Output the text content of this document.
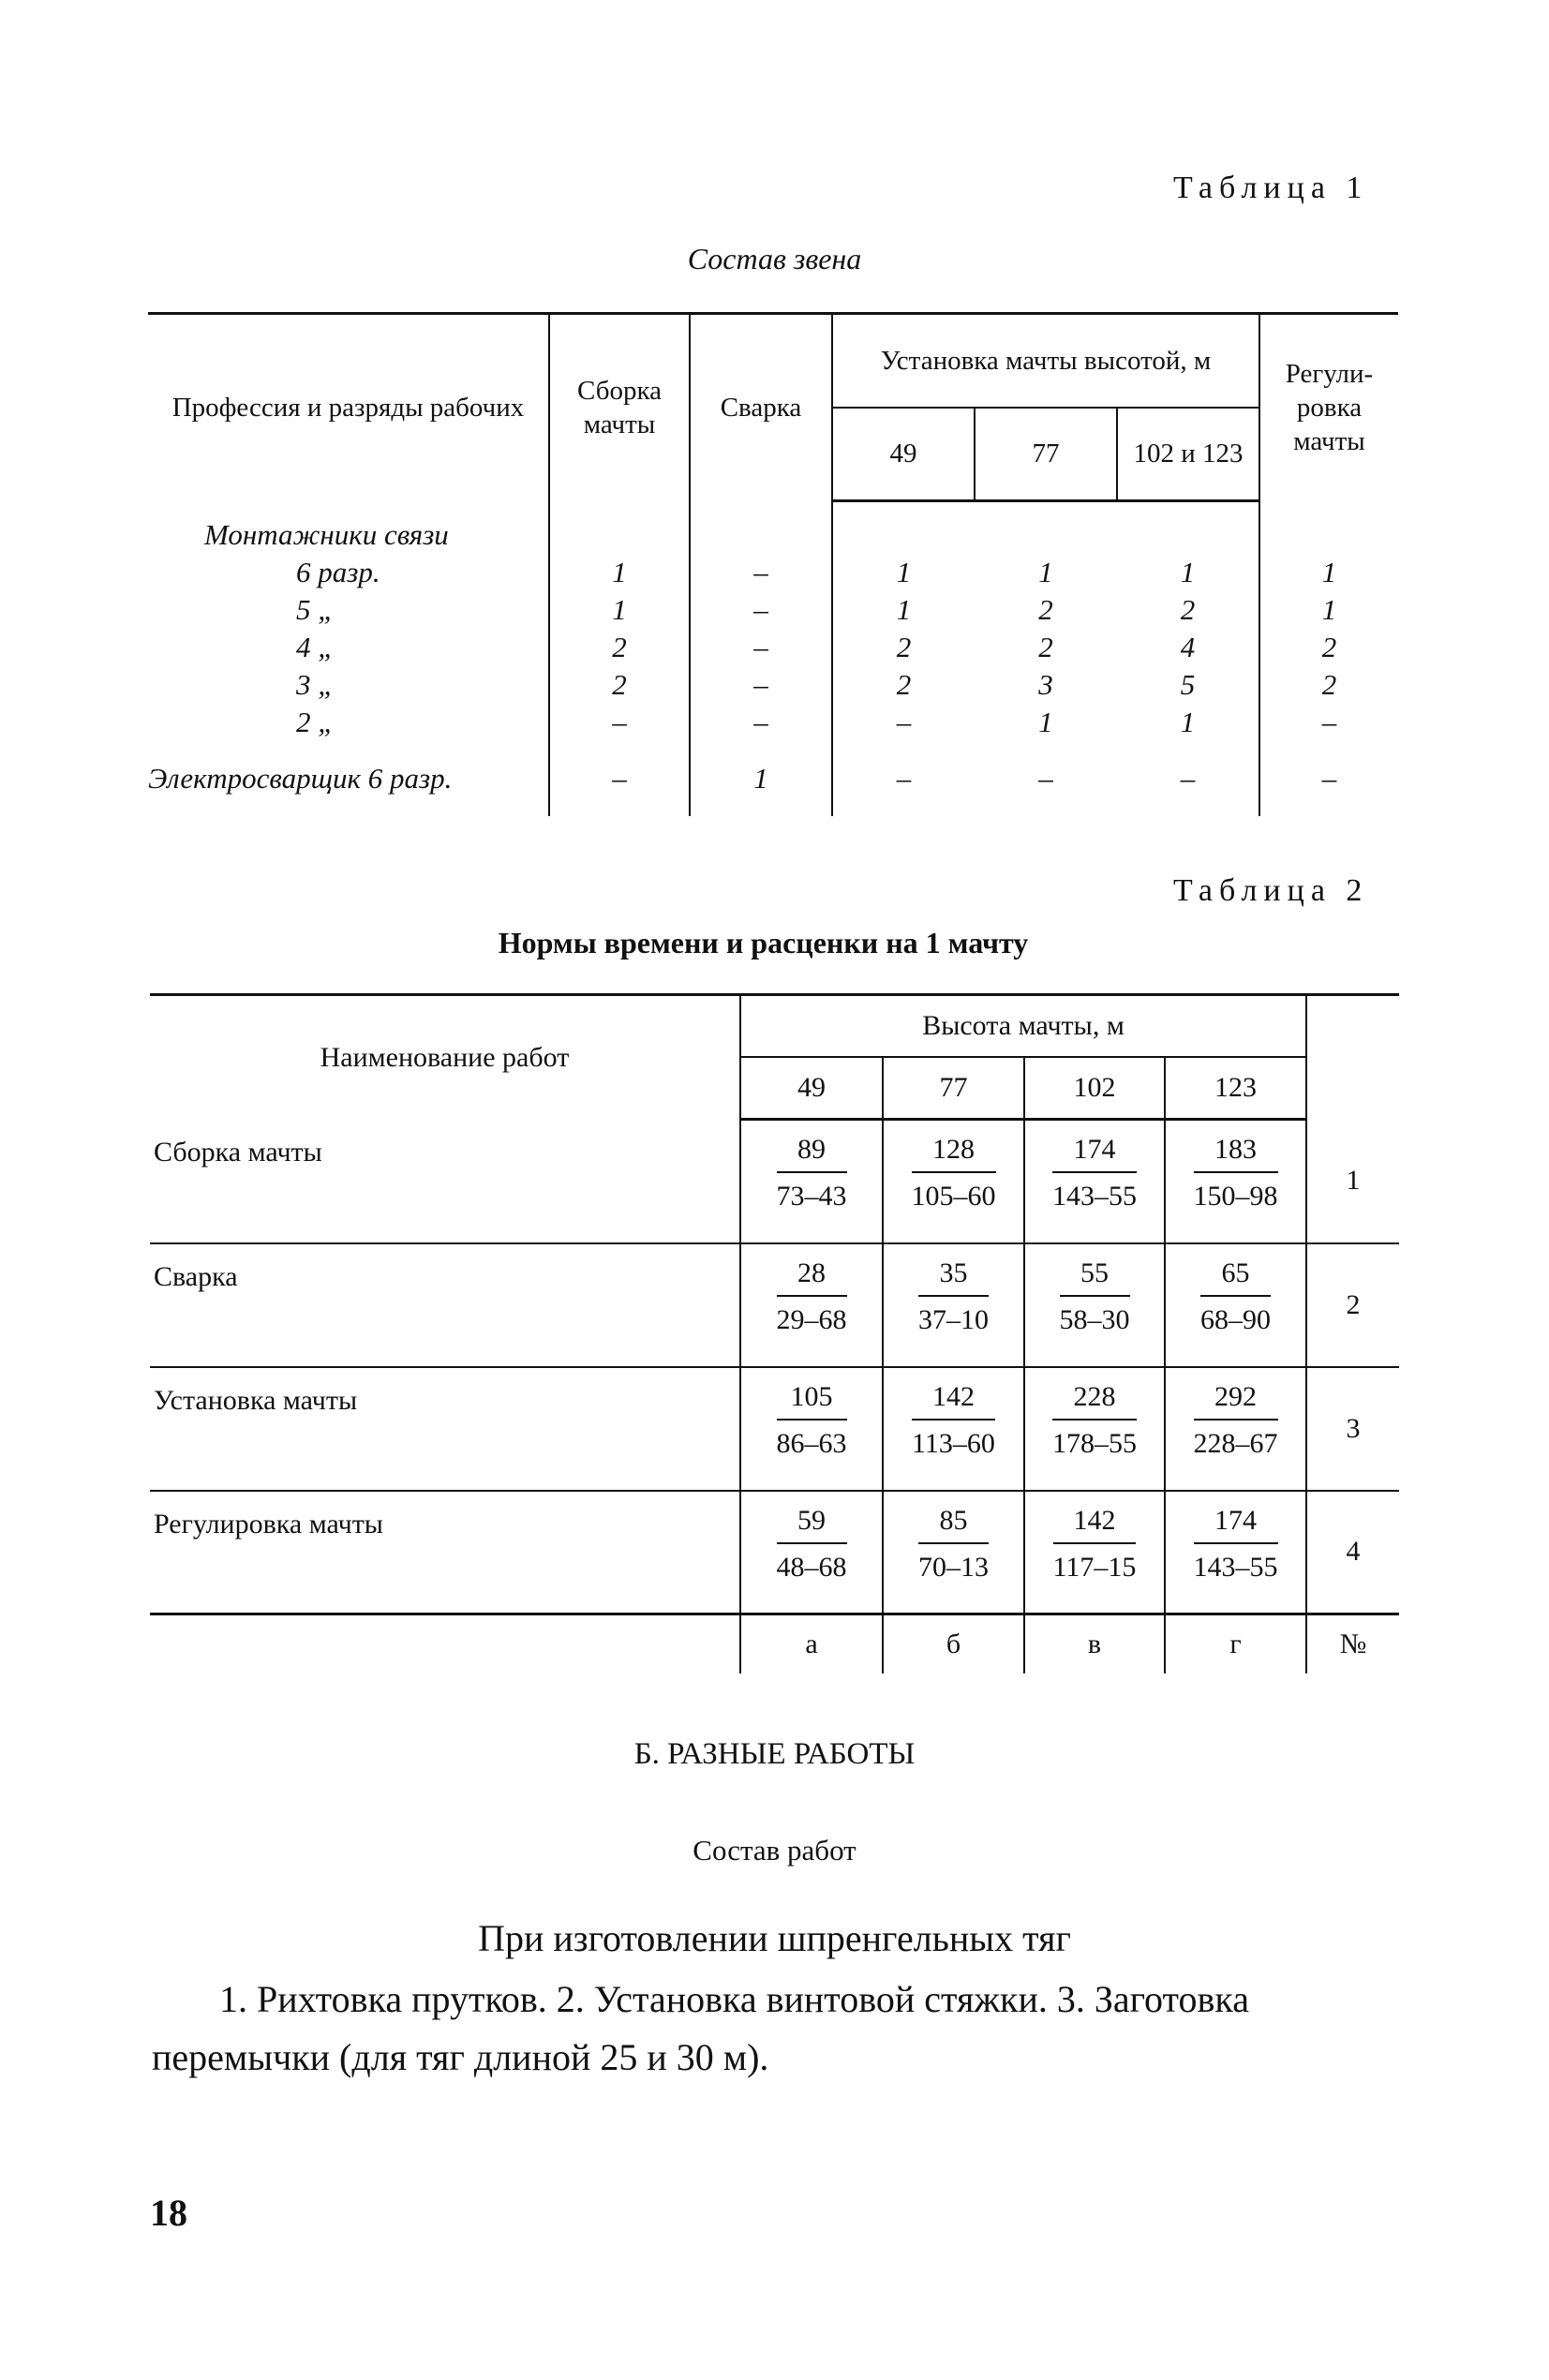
Таблица 1
Состав звена
Профессия и разряды рабочих	Сборка мачты	Сварка	Установка мачты высотой, м			Регули-ровка мачты
			49	77	102 и 123	
Монтажники связи						
6 разр.	1	–	1	1	1	1
5 „	1	–	1	2	2	1
4 „	2	–	2	2	4	2
3 „	2	–	2	3	5	2
2 „	–	–	–	1	1	–
Электросварщик 6 разр.	–	1	–	–	–	–
Таблица 2
Нормы времени и расценки на 1 мачту
Наименование работ	Высота мачты, м				
	49	77	102	123	
Сборка мачты	$\frac{89}{73-43}$	$\frac{128}{105-60}$	$\frac{174}{143-55}$	$\frac{183}{150-98}$	1
Сварка	$\frac{28}{29-68}$	$\frac{35}{37-10}$	$\frac{55}{58-30}$	$\frac{65}{68-90}$	2
Установка мачты	$\frac{105}{86-63}$	$\frac{142}{113-60}$	$\frac{228}{178-55}$	$\frac{292}{228-67}$	3
Регулировка мачты	$\frac{59}{48-68}$	$\frac{85}{70-13}$	$\frac{142}{117-15}$	$\frac{174}{143-55}$	4
	а	б	в	г	№
Б. РАЗНЫЕ РАБОТЫ
Состав работ
При изготовлении шпренгельных тяг
1. Рихтовка прутков. 2. Установка винтовой стяжки. 3. Заготовка перемычки (для тяг длиной 25 и 30 м).
18
